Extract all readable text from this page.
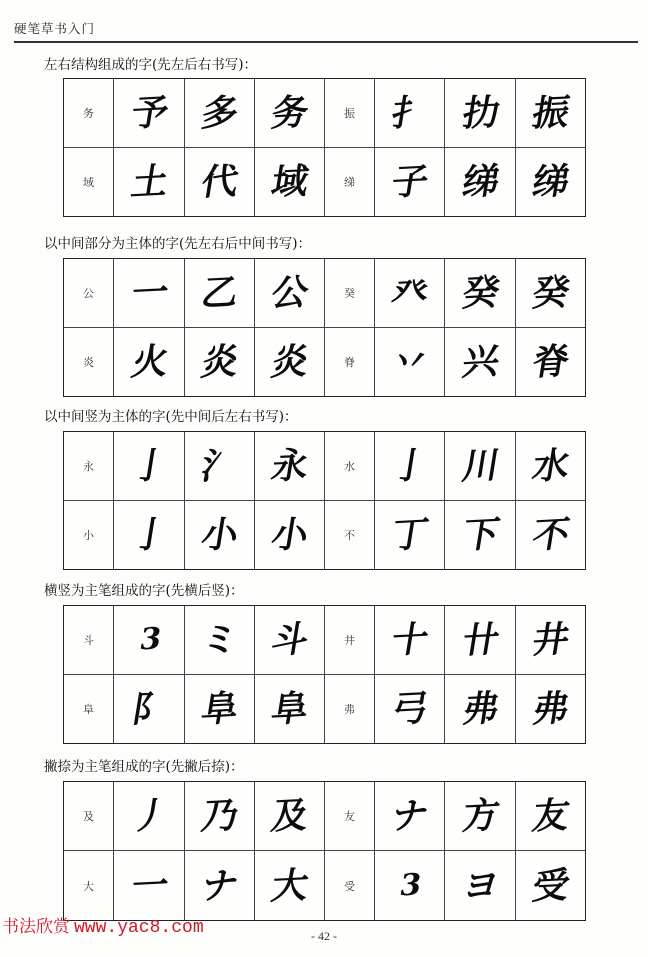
硬笔草书入门
左右结构组成的字(先左后右书写)：
务 予 多 务	振 扌 扐 振
域 土 代 域	绨 子 绨 绨
以中间部分为主体的字(先左右后中间书写)：
公 一 乙 公	癸 癶 癸 癸
炎 火 炎 炎	脊 丷 兴 脊
以中间竖为主体的字(先中间后左右书写)：
永 亅 氵 永	水 亅 川 水
小 亅 小 小	不 丁 下 不
横竖为主笔组成的字(先横后竖)：
斗 3 ミ 斗	井 十 卄 井
阜 阝 阜 阜	弗 弓 弗 弗
撇捺为主笔组成的字(先撇后捺)：
及 丿 乃 及	友 ナ 方 友
大 一 ナ 大	受 3 ヨ 受
书法欣赏 www.yac8.com	- 42 -
